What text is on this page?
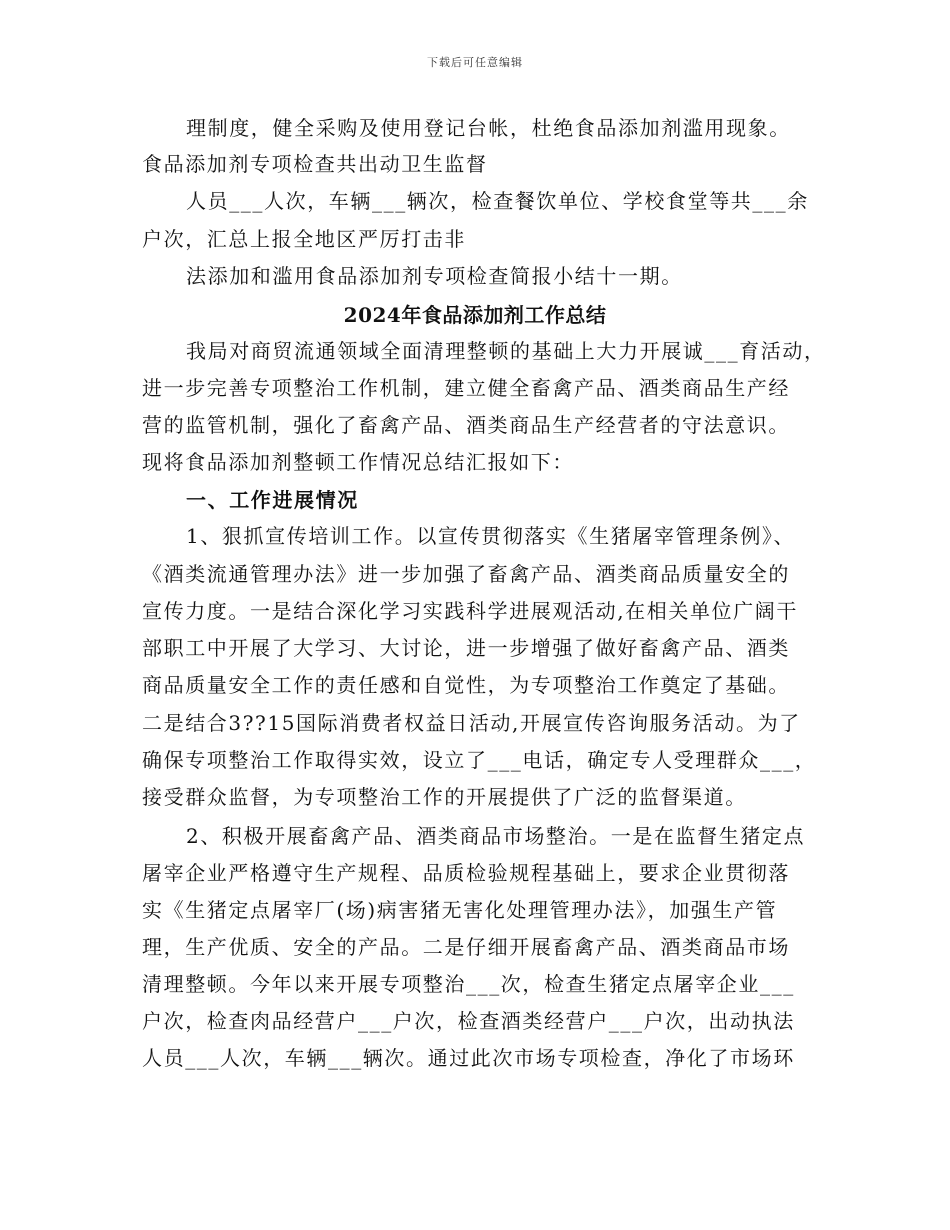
下载后可任意编辑
理制度，健全采购及使用登记台帐，杜绝食品添加剂滥用现象。
食品添加剂专项检查共出动卫生监督
人员___人次，车辆___辆次，检查餐饮单位、学校食堂等共___余
户次，汇总上报全地区严厉打击非
法添加和滥用食品添加剂专项检查简报小结十一期。
2024年食品添加剂工作总结
我局对商贸流通领域全面清理整顿的基础上大力开展诚___育活动，
进一步完善专项整治工作机制，建立健全畜禽产品、酒类商品生产经
营的监管机制，强化了畜禽产品、酒类商品生产经营者的守法意识。
现将食品添加剂整顿工作情况总结汇报如下：
一、工作进展情况
1、狠抓宣传培训工作。以宣传贯彻落实《生猪屠宰管理条例》、
《酒类流通管理办法》进一步加强了畜禽产品、酒类商品质量安全的
宣传力度。一是结合深化学习实践科学进展观活动,在相关单位广阔干
部职工中开展了大学习、大讨论，进一步增强了做好畜禽产品、酒类
商品质量安全工作的责任感和自觉性，为专项整治工作奠定了基础。
二是结合3??15国际消费者权益日活动,开展宣传咨询服务活动。为了
确保专项整治工作取得实效，设立了___电话，确定专人受理群众___，
接受群众监督，为专项整治工作的开展提供了广泛的监督渠道。
2、积极开展畜禽产品、酒类商品市场整治。一是在监督生猪定点
屠宰企业严格遵守生产规程、品质检验规程基础上，要求企业贯彻落
实《生猪定点屠宰厂(场)病害猪无害化处理管理办法》，加强生产管
理，生产优质、安全的产品。二是仔细开展畜禽产品、酒类商品市场
清理整顿。今年以来开展专项整治___次，检查生猪定点屠宰企业___
户次，检查肉品经营户___户次，检查酒类经营户___户次，出动执法
人员___人次，车辆___辆次。通过此次市场专项检查，净化了市场环
